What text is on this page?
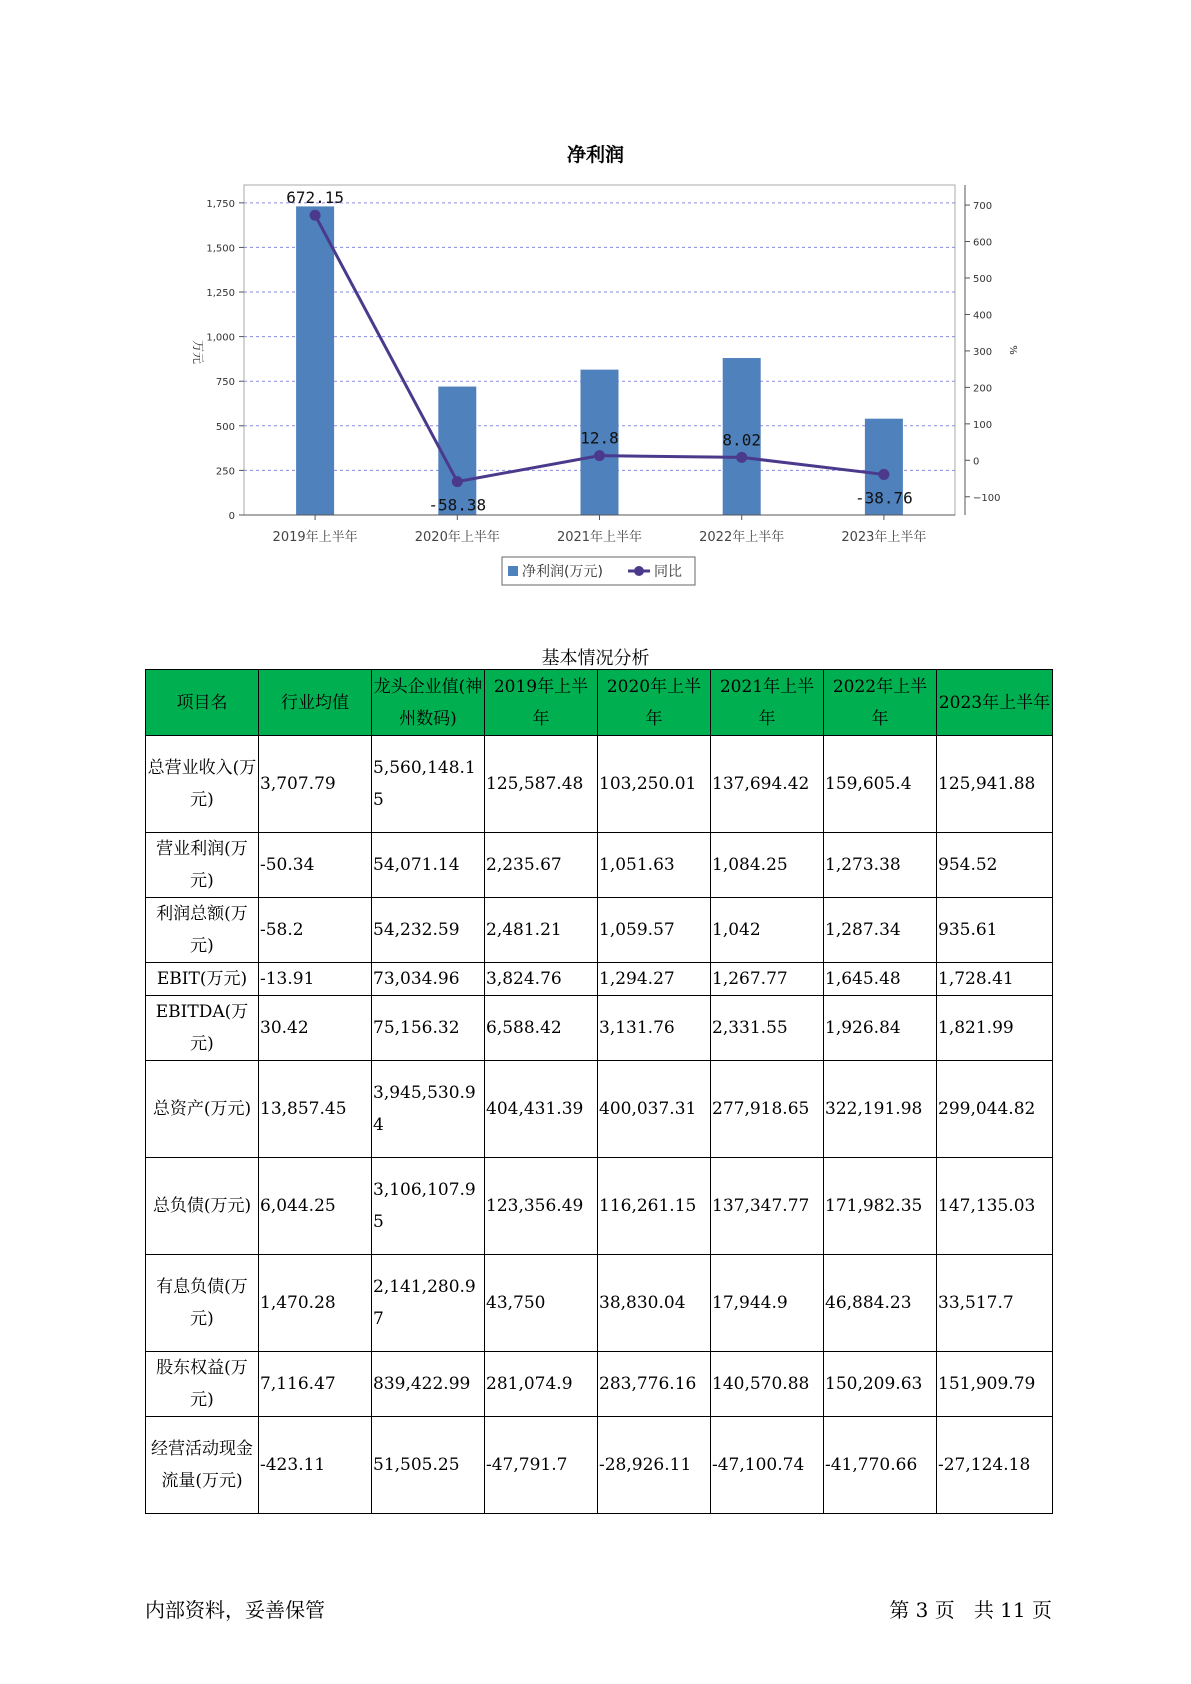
净利润
0
250
500
750
1,000
1,250
1,500
1,750
−100
0
100
200
300
400
500
600
700
万元	%
2019年上半年	2020年上半年	2021年上半年	2022年上半年	2023年上半年
672.15
-58.38
12.8	8.02
-38.76
净利润(万元)	同比
基本情况分析
项目名	行业均值	龙头企业值(神州数码)	2019年上半年	2020年上半年	2021年上半年	2022年上半年	2023年上半年
总营业收入(万元)	3,707.79	5,560,148.15	125,587.48	103,250.01	137,694.42	159,605.4	125,941.88
营业利润(万元)	-50.34	54,071.14	2,235.67	1,051.63	1,084.25	1,273.38	954.52
利润总额(万元)	-58.2	54,232.59	2,481.21	1,059.57	1,042	1,287.34	935.61
EBIT(万元)	-13.91	73,034.96	3,824.76	1,294.27	1,267.77	1,645.48	1,728.41
EBITDA(万元)	30.42	75,156.32	6,588.42	3,131.76	2,331.55	1,926.84	1,821.99
总资产(万元)	13,857.45	3,945,530.94	404,431.39	400,037.31	277,918.65	322,191.98	299,044.82
总负债(万元)	6,044.25	3,106,107.95	123,356.49	116,261.15	137,347.77	171,982.35	147,135.03
有息负债(万元)	1,470.28	2,141,280.97	43,750	38,830.04	17,944.9	46,884.23	33,517.7
股东权益(万元)	7,116.47	839,422.99	281,074.9	283,776.16	140,570.88	150,209.63	151,909.79
经营活动现金流量(万元)	-423.11	51,505.25	-47,791.7	-28,926.11	-47,100.74	-41,770.66	-27,124.18
内部资料，妥善保管	第 3 页   共 11 页
